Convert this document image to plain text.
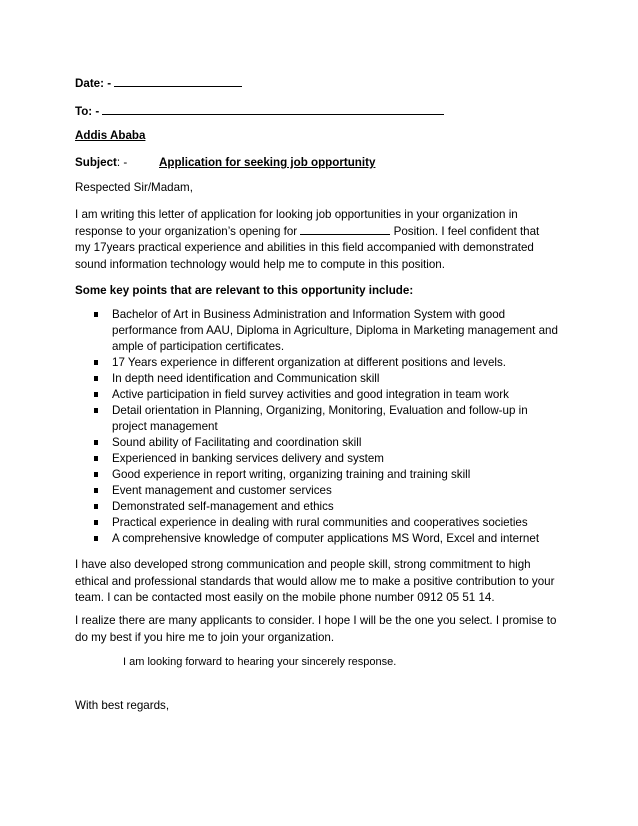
Date: -
To: -
Addis Ababa
Subject: -	Application for seeking job opportunity
Respected Sir/Madam,
I am writing this letter of application for looking job opportunities in your organization in response to your organization’s opening for	Position. I feel confident that my 17years practical experience and abilities in this field accompanied with demonstrated sound information technology would help me to compute in this position.
Some key points that are relevant to this opportunity include:
Bachelor of Art in Business Administration and Information System with good performance from AAU, Diploma in Agriculture, Diploma in Marketing management and ample of participation certificates.
17 Years experience in different organization at different positions and levels.
In depth need identification and Communication skill
Active participation in field survey activities and good integration in team work
Detail orientation in Planning, Organizing, Monitoring, Evaluation and follow-up in project management
Sound ability of Facilitating and coordination skill
Experienced in banking services delivery and system
Good experience in report writing, organizing training and training skill
Event management and customer services
Demonstrated self-management and ethics
Practical experience in dealing with rural communities and cooperatives societies
A comprehensive knowledge of computer applications MS Word, Excel and internet
I have also developed strong communication and people skill, strong commitment to high ethical and professional standards that would allow me to make a positive contribution to your team. I can be contacted most easily on the mobile phone number 0912 05 51 14.
I realize there are many applicants to consider. I hope I will be the one you select. I promise to do my best if you hire me to join your organization.
I am looking forward to hearing your sincerely response.
With best regards,
